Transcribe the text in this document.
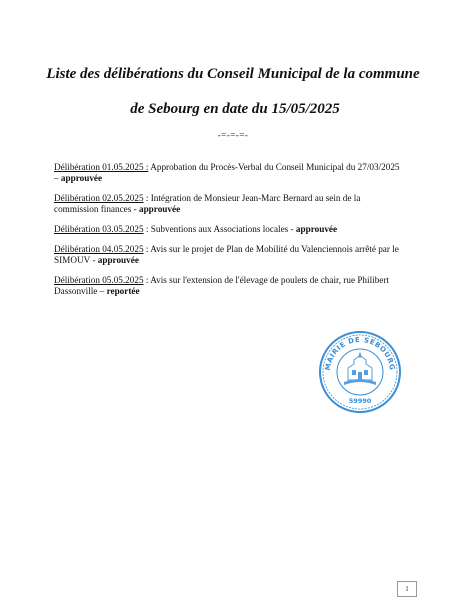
Liste des délibérations du Conseil Municipal de la commune
de Sebourg en date du 15/05/2025
-=-=-=-
Délibération 01.05.2025 : Approbation du Procès-Verbal du Conseil Municipal du 27/03/2025 – approuvée
Délibération 02.05.2025 : Intégration de Monsieur Jean-Marc Bernard au sein de la commission finances - approuvée
Délibération 03.05.2025 : Subventions aux Associations locales - approuvée
Délibération 04.05.2025 : Avis sur le projet de Plan de Mobilité du Valenciennois arrêté par le SIMOUV - approuvée
Délibération 05.05.2025 : Avis sur l'extension de l'élevage de poulets de chair, rue Philibert Dassonville – reportée
MAIRIE DE SEBOURG
59990
1
